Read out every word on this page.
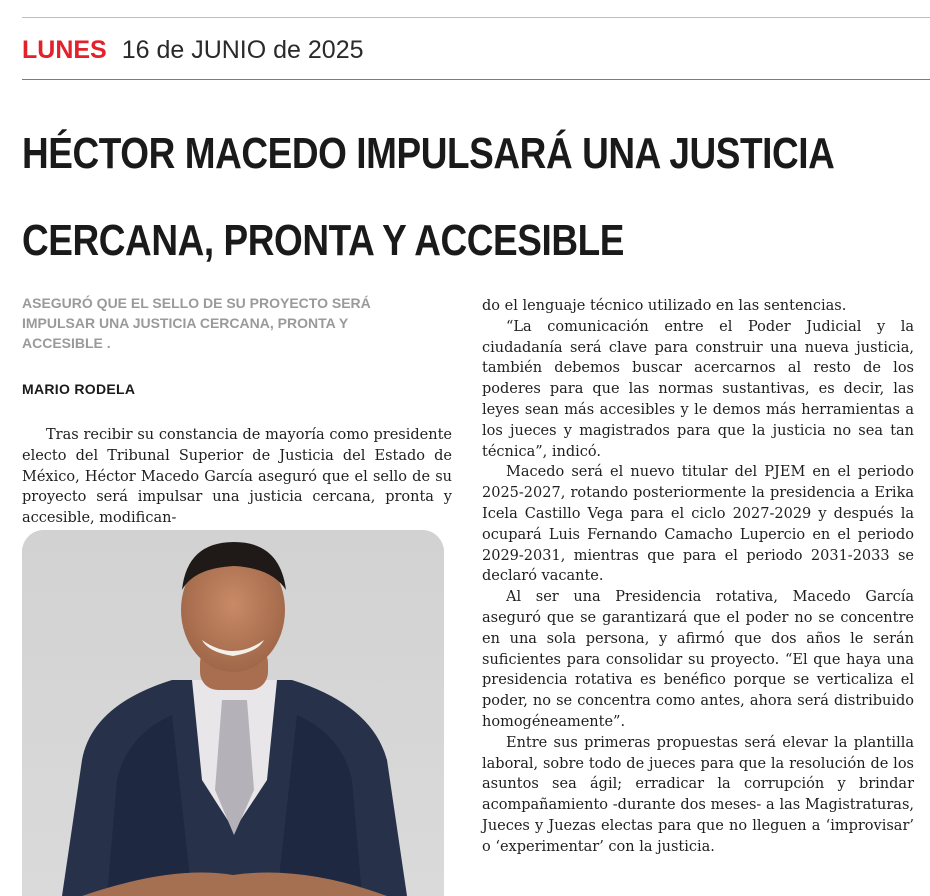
LUNES 16 de JUNIO de 2025
HÉCTOR MACEDO IMPULSARÁ UNA JUSTICIA
CERCANA, PRONTA Y ACCESIBLE
ASEGURÓ QUE EL SELLO DE SU PROYECTO SERÁ IMPULSAR UNA JUSTICIA CERCANA, PRONTA Y ACCESIBLE .
MARIO RODELA

Tras recibir su constancia de mayoría como presidente electo del Tribunal Superior de Justicia del Estado de México, Héctor Macedo García aseguró que el sello de su proyecto será impulsar una justicia cercana, pronta y accesible, modifican-

do el lenguaje técnico utilizado en las sentencias.

“La comunicación entre el Poder Judicial y la ciudadanía será clave para construir una nueva justicia, también debemos buscar acercarnos al resto de los poderes para que las normas sustantivas, es decir, las leyes sean más accesibles y le demos más herramientas a los jueces y magistrados para que la justicia no sea tan técnica”, indicó.

Macedo será el nuevo titular del PJEM en el periodo 2025-2027, rotando posteriormente la presidencia a Erika Icela Castillo Vega para el ciclo 2027-2029 y después la ocupará Luis Fernando Camacho Lupercio en el periodo 2029-2031, mientras que para el periodo 2031-2033 se declaró vacante.

Al ser una Presidencia rotativa, Macedo García aseguró que se garantizará que el poder no se concentre en una sola persona, y afirmó que dos años le serán suficientes para consolidar su proyecto. “El que haya una presidencia rotativa es benéfico porque se verticaliza el poder, no se concentra como antes, ahora será distribuido homogéneamente”.

Entre sus primeras propuestas será elevar la plantilla laboral, sobre todo de jueces para que la resolución de los asuntos sea ágil; erradicar la corrupción y brindar acompañamiento -durante dos meses- a las Magistraturas, Jueces y Juezas electas para que no lleguen a ‘improvisar’ o ‘experimentar’ con la justicia.
